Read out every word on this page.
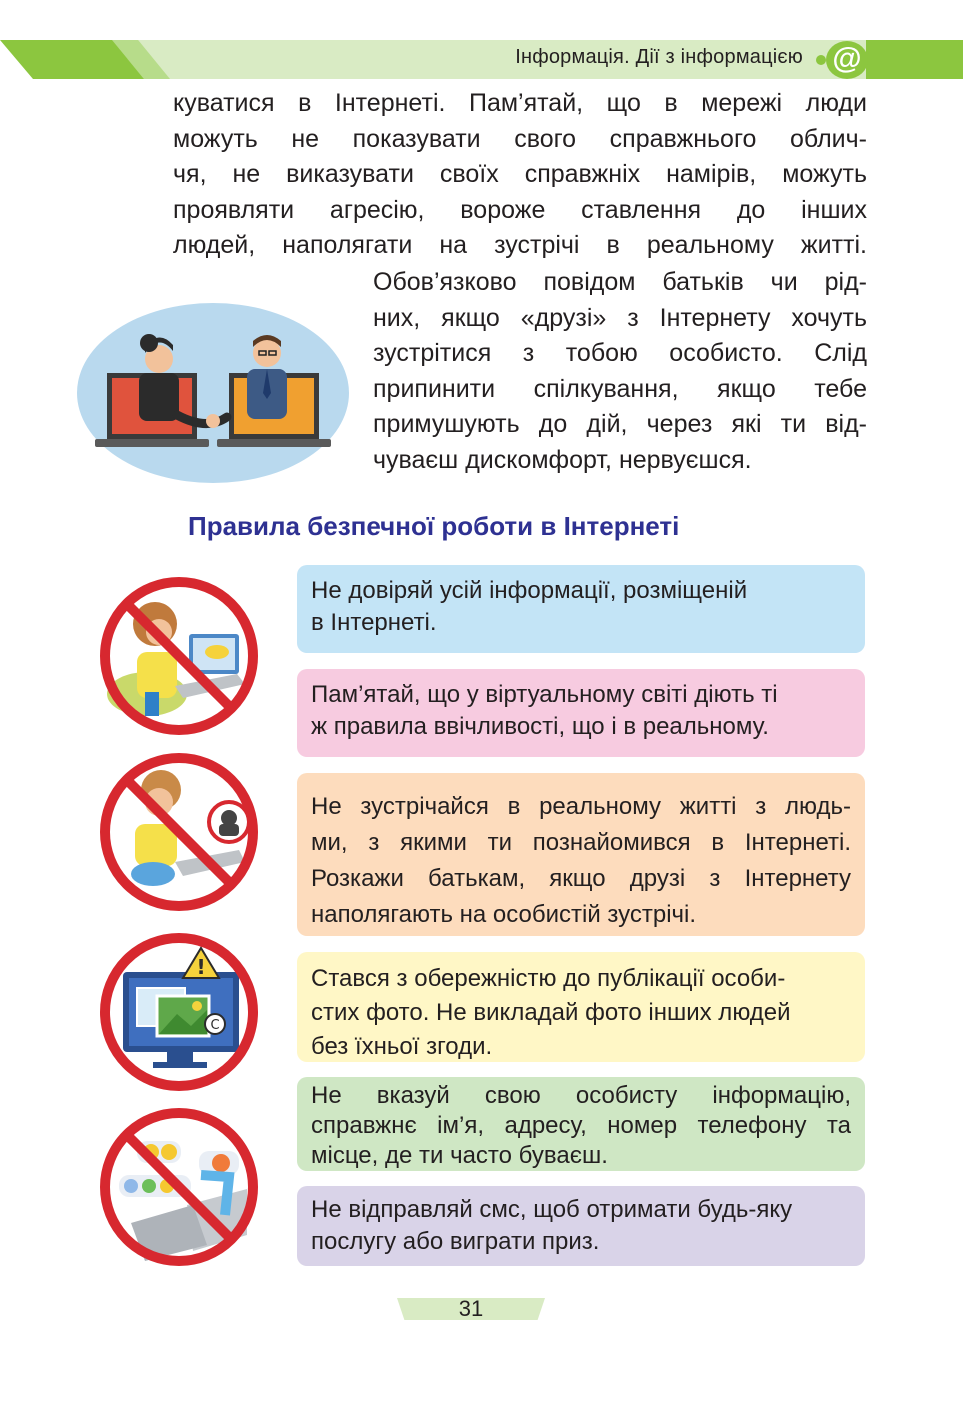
Інформація. Дії з інформацією @
куватися в Інтернеті. Пам’ятай, що в мережі люди
можуть не показувати свого справжнього облич-
чя, не виказувати своїх справжніх намірів, можуть
проявляти агресію, вороже ставлення до інших
людей, наполягати на зустрічі в реальному житті.
Обов’язково повідом батьків чи рід-
них, якщо «друзі» з Інтернету хочуть
зустрітися з тобою особисто. Слід
припинити спілкування, якщо тебе
примушують до дій, через які ти від-
чуваєш дискомфорт, нервуєшся.
Правила безпечної роботи в Інтернеті
Не довіряй усій інформації, розміщеній
в Інтернеті.
Пам’ятай, що у віртуальному світі діють ті
ж правила ввічливості, що і в реальному.
Не зустрічайся в реальному житті з людь-
ми, з якими ти познайомився в Інтернеті.
Розкажи батькам, якщо друзі з Інтернету
наполягають на особистій зустрічі.
Стався з обережністю до публікації особи-
стих фото. Не викладай фото інших людей
без їхньої згоди.
Не вказуй свою особисту інформацію,
справжнє ім’я, адресу, номер телефону та
місце, де ти часто буваєш.
Не відправляй смс, щоб отримати будь-яку
послугу або виграти приз.
C
!
31
